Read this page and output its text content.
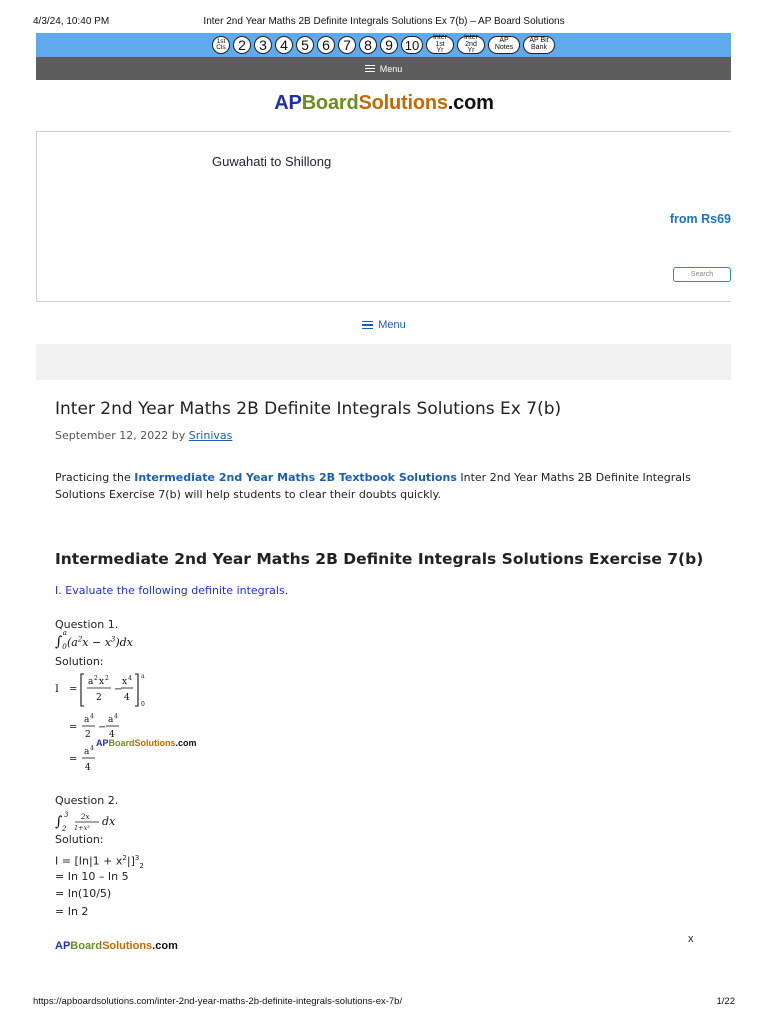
4/3/24, 10:40 PM	Inter 2nd Year Maths 2B Definite Integrals Solutions Ex 7(b) – AP Board Solutions
1st Cls 2 3 4 5 6 7 8 9 10	Inter 1st Yr
Inter 2nd Yr
AP Notes
AP Bit Bank
Menu
APBoardSolutions.com
Guwahati to Shillong
from Rs69
Search
Menu
Inter 2nd Year Maths 2B Definite Integrals Solutions Ex 7(b)
September 12, 2022 by Srinivas

Practicing the Intermediate 2nd Year Maths 2B Textbook Solutions Inter 2nd Year Maths 2B Definite Integrals Solutions Exercise 7(b) will help students to clear their doubts quickly.

Intermediate 2nd Year Maths 2B Definite Integrals Solutions Exercise 7(b)
I. Evaluate the following definite integrals.
Question 1.
$\int_0^a(a^2x - x^3)dx$
Solution:
I =
a 2 x 2
2
−
x 4
4
a
0
=
a 4
2
−
a 4
4
=
a 4
4
APBoardSolutions.com
Question 2.
∫ 2
3 2x
1+x² dx
Solution:
$I = [In|1 + x^2|]^3_2$
= In 10 – In 5
= In(10/5)
= In 2
APBoardSolutions.com
x
https://apboardsolutions.com/inter-2nd-year-maths-2b-definite-integrals-solutions-ex-7b/	1/22
